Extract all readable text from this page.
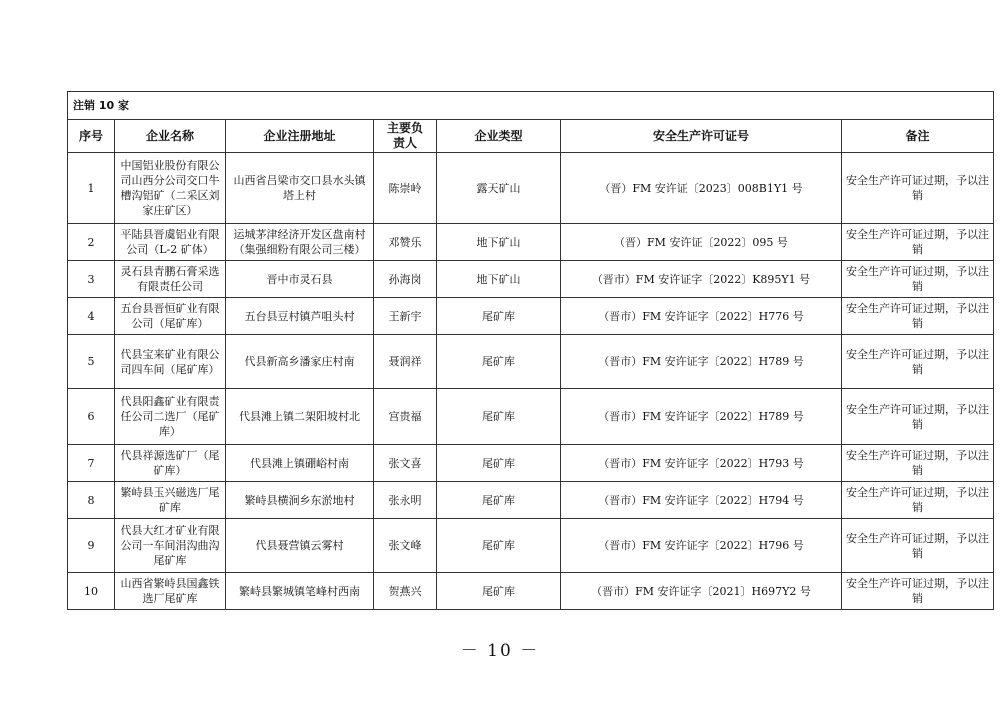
注销 10 家						
序号	企业名称	企业注册地址	主要负责人	企业类型	安全生产许可证号	备注
1	中国铝业股份有限公司山西分公司交口牛槽沟铝矿（二采区刘家庄矿区）	山西省吕梁市交口县水头镇塔上村	陈崇岭	露天矿山	（晋）FM 安许证〔2023〕008B1Y1 号	安全生产许可证过期，予以注销
2	平陆县晋虞铝业有限公司（L-2 矿体）	运城茅津经济开发区盘南村（集强细粉有限公司三楼）	邓赞乐	地下矿山	（晋）FM 安许证〔2022〕095 号	安全生产许可证过期，予以注销
3	灵石县青鹏石膏采选有限责任公司	晋中市灵石县	孙海岗	地下矿山	（晋市）FM 安许证字〔2022〕K895Y1 号	安全生产许可证过期，予以注销
4	五台县晋恒矿业有限公司（尾矿库）	五台县豆村镇芦咀头村	王新宇	尾矿库	（晋市）FM 安许证字〔2022〕H776 号	安全生产许可证过期，予以注销
5	代县宝来矿业有限公司四车间（尾矿库）	代县新高乡潘家庄村南	聂润祥	尾矿库	（晋市）FM 安许证字〔2022〕H789 号	安全生产许可证过期，予以注销
6	代县阳鑫矿业有限责任公司二选厂（尾矿库）	代县滩上镇二架阳坡村北	宫贵福	尾矿库	（晋市）FM 安许证字〔2022〕H789 号	安全生产许可证过期，予以注销
7	代县祥源选矿厂（尾矿库）	代县滩上镇硼峪村南	张文喜	尾矿库	（晋市）FM 安许证字〔2022〕H793 号	安全生产许可证过期，予以注销
8	繁峙县玉兴磁选厂尾矿库	繁峙县横涧乡东淤地村	张永明	尾矿库	（晋市）FM 安许证字〔2022〕H794 号	安全生产许可证过期，予以注销
9	代县大红才矿业有限公司一车间涓沟曲沟尾矿库	代县聂营镇云雾村	张文峰	尾矿库	（晋市）FM 安许证字〔2022〕H796 号	安全生产许可证过期，予以注销
10	山西省繁峙县国鑫铁选厂尾矿库	繁峙县繁城镇笔峰村西南	贺燕兴	尾矿库	（晋市）FM 安许证字〔2021〕H697Y2 号	安全生产许可证过期，予以注销
－ 10 －
